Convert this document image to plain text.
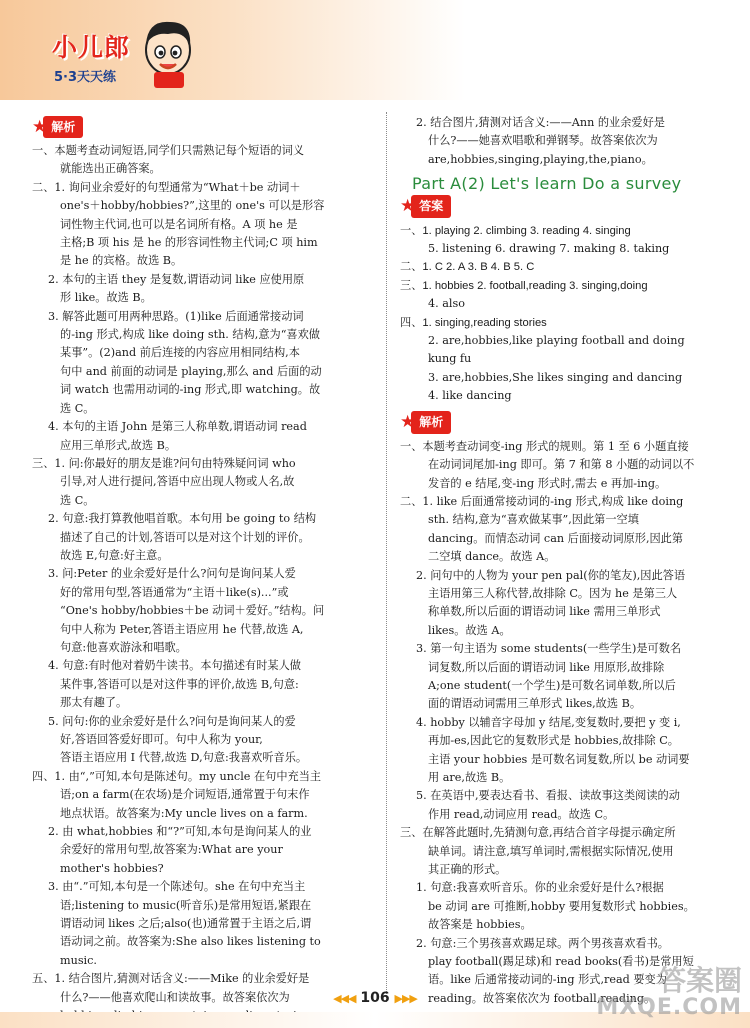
小儿郎
5·3天天练
★ 解析
一、本题考查动词短语,同学们只需熟记每个短语的词义
就能选出正确答案。
二、1. 询问业余爱好的句型通常为“What＋be 动词＋
one's＋hobby/hobbies?”,这里的 one's 可以是形容
词性物主代词,也可以是名词所有格。A 项 he 是
主格;B 项 his 是 he 的形容词性物主代词;C 项 him
是 he 的宾格。故选 B。
2. 本句的主语 they 是复数,谓语动词 like 应使用原
形 like。故选 B。
3. 解答此题可用两种思路。(1)like 后面通常接动词
的-ing 形式,构成 like doing sth. 结构,意为“喜欢做
某事”。(2)and 前后连接的内容应用相同结构,本
句中 and 前面的动词是 playing,那么 and 后面的动
词 watch 也需用动词的-ing 形式,即 watching。故
选 C。
4. 本句的主语 John 是第三人称单数,谓语动词 read
应用三单形式,故选 B。
三、1. 问:你最好的朋友是谁?问句由特殊疑问词 who
引导,对人进行提问,答语中应出现人物或人名,故
选 C。
2. 句意:我打算教他唱首歌。本句用 be going to 结构
描述了自己的计划,答语可以是对这个计划的评价。
故选 E,句意:好主意。
3. 问:Peter 的业余爱好是什么?问句是询问某人爱
好的常用句型,答语通常为“主语＋like(s)...”或
“One's hobby/hobbies＋be 动词＋爱好。”结构。问
句中人称为 Peter,答语主语应用 he 代替,故选 A,
句意:他喜欢游泳和唱歌。
4. 句意:有时他对着奶牛读书。本句描述有时某人做
某件事,答语可以是对这件事的评价,故选 B,句意:
那太有趣了。
5. 问句:你的业余爱好是什么?问句是询问某人的爱
好,答语回答爱好即可。句中人称为 your,
答语主语应用 I 代替,故选 D,句意:我喜欢听音乐。
四、1. 由“,”可知,本句是陈述句。my uncle 在句中充当主
语;on a farm(在农场)是介词短语,通常置于句末作
地点状语。故答案为:My uncle lives on a farm.
2. 由 what,hobbies 和“?”可知,本句是询问某人的业
余爱好的常用句型,故答案为:What are your
mother's hobbies?
3. 由“.”可知,本句是一个陈述句。she 在句中充当主
语;listening to music(听音乐)是常用短语,紧跟在
谓语动词 likes 之后;also(也)通常置于主语之后,谓
语动词之前。故答案为:She also likes listening to
music.
五、1. 结合图片,猜测对话含义:——Mike 的业余爱好是
什么?——他喜欢爬山和读故事。故答案依次为
2. 结合图片,猜测对话含义:——Ann 的业余爱好是
什么?——她喜欢唱歌和弹钢琴。故答案依次为
are,hobbies,singing,playing,the,piano。
Part A(2) Let's learn Do a survey
★ 答案
一、1. playing 2. climbing 3. reading 4. singing
5. listening 6. drawing 7. making 8. taking
二、1. C 2. A 3. B 4. B 5. C
三、1. hobbies 2. football,reading 3. singing,doing
4. also
四、1. singing,reading stories
2. are,hobbies,like playing football and doing kung fu
3. are,hobbies,She likes singing and dancing
4. like dancing
★ 解析
一、本题考查动词变-ing 形式的规则。第 1 至 6 小题直接
在动词词尾加-ing 即可。第 7 和第 8 小题的动词以不
发音的 e 结尾,变-ing 形式时,需去 e 再加-ing。
二、1. like 后面通常接动词的-ing 形式,构成 like doing
sth. 结构,意为“喜欢做某事”,因此第一空填
dancing。而情态动词 can 后面接动词原形,因此第
二空填 dance。故选 A。
2. 问句中的人物为 your pen pal(你的笔友),因此答语
主语用第三人称代替,故排除 C。因为 he 是第三人
称单数,所以后面的谓语动词 like 需用三单形式
likes。故选 A。
3. 第一句主语为 some students(一些学生)是可数名
词复数,所以后面的谓语动词 like 用原形,故排除
A;one student(一个学生)是可数名词单数,所以后
面的谓语动词需用三单形式 likes,故选 B。
4. hobby 以辅音字母加 y 结尾,变复数时,要把 y 变 i,
再加-es,因此它的复数形式是 hobbies,故排除 C。
主语 your hobbies 是可数名词复数,所以 be 动词要
用 are,故选 B。
5. 在英语中,要表达看书、看报、读故事这类阅读的动
作用 read,动词应用 read。故选 C。
三、在解答此题时,先猜测句意,再结合首字母提示确定所
缺单词。请注意,填写单词时,需根据实际情况,使用
其正确的形式。
1. 句意:我喜欢听音乐。你的业余爱好是什么?根据
be 动词 are 可推断,hobby 要用复数形式 hobbies。
故答案是 hobbies。
2. 句意:三个男孩喜欢踢足球。两个男孩喜欢看书。
play football(踢足球)和 read books(看书)是常用短
语。like 后通常接动词的-ing 形式,read 要变为
reading。故答案依次为 football,reading。
◀◀◀ 106 ▶▶▶
答案圈
MXQE.COM
